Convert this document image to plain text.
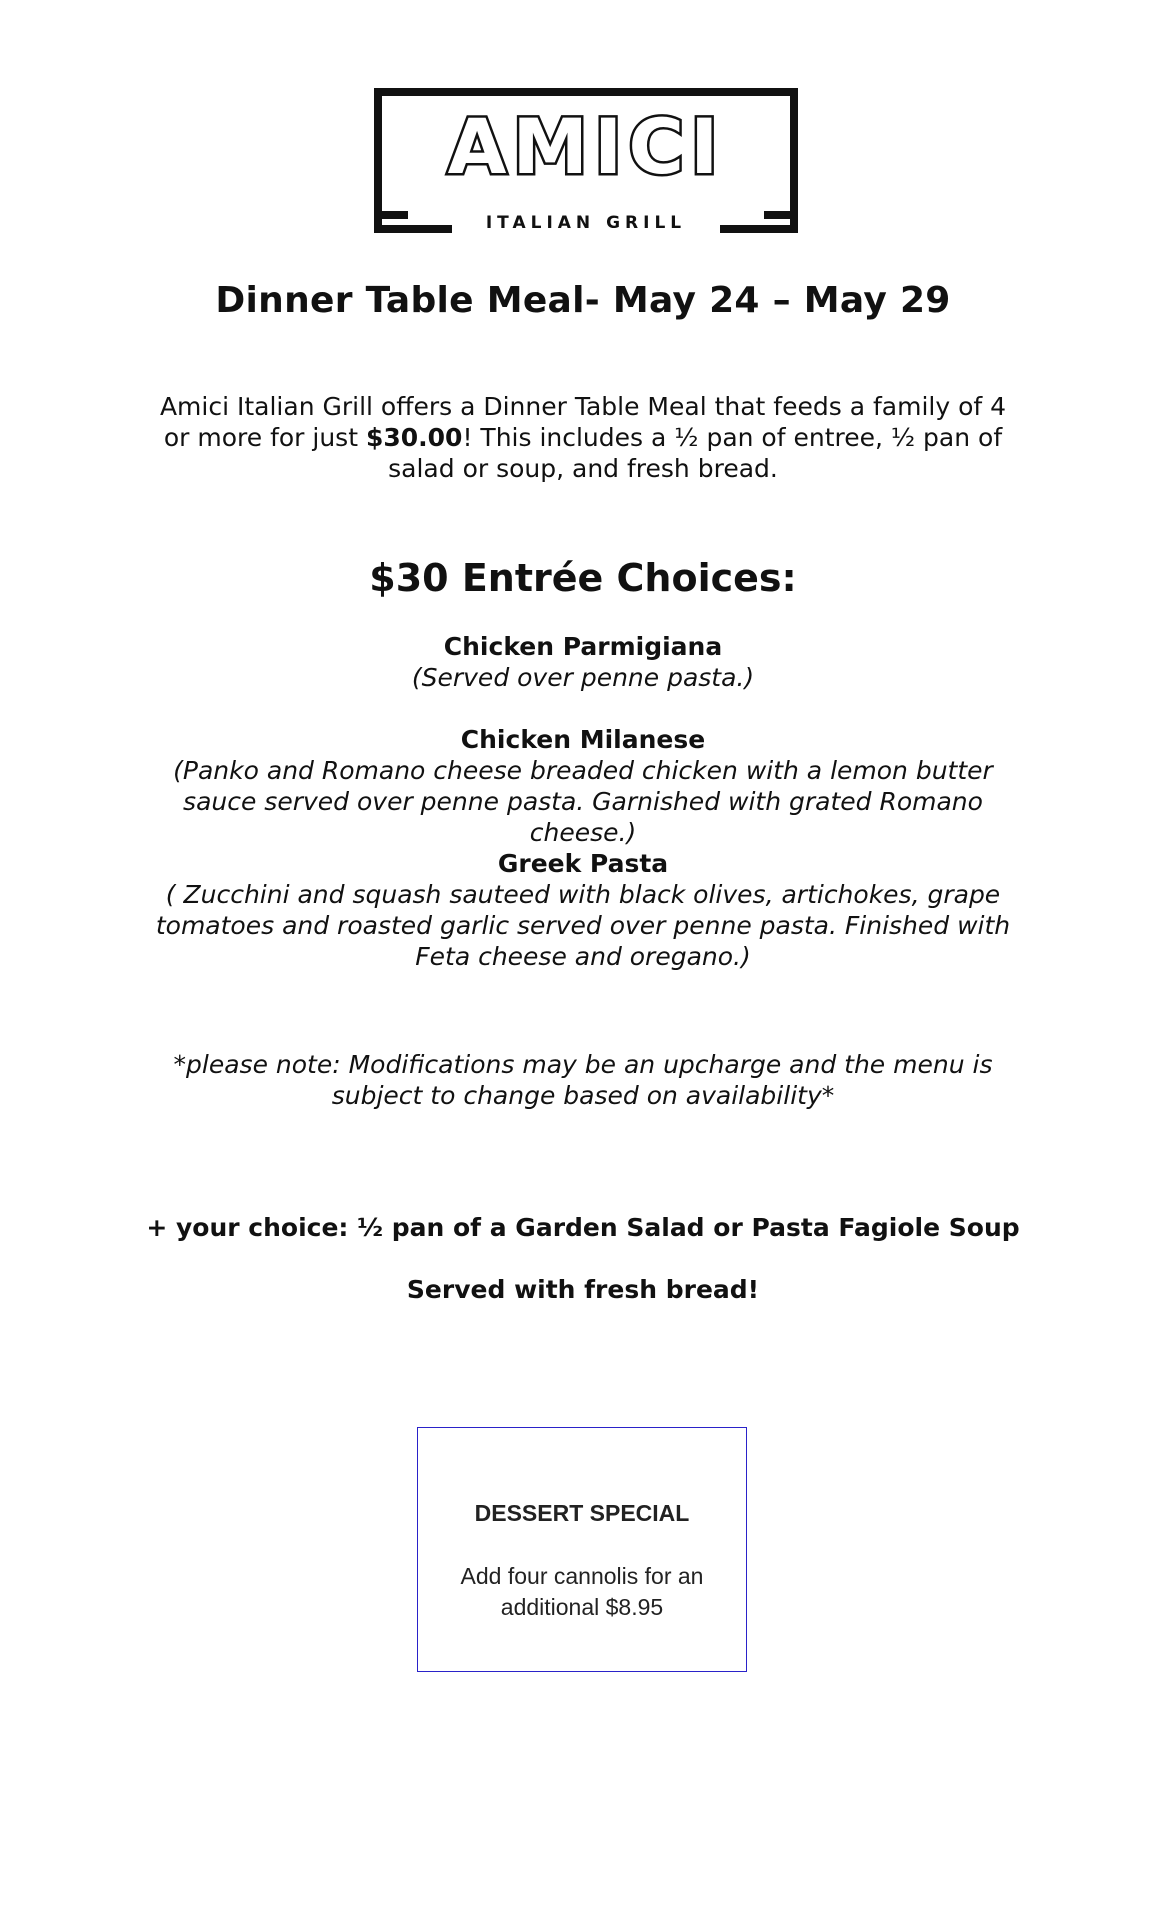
AMICI
ITALIAN GRILL
Dinner Table Meal- May 24 – May 29
Amici Italian Grill offers a Dinner Table Meal that feeds a family of 4 or more for just $30.00! This includes a ½ pan of entree, ½ pan of salad or soup, and fresh bread.
$30 Entrée Choices:
Chicken Parmigiana
(Served over penne pasta.)
Chicken Milanese
(Panko and Romano cheese breaded chicken with a lemon butter sauce served over penne pasta. Garnished with grated Romano cheese.)
Greek Pasta
( Zucchini and squash sauteed with black olives, artichokes, grape tomatoes and roasted garlic served over penne pasta. Finished with Feta cheese and oregano.)
*please note: Modifications may be an upcharge and the menu is subject to change based on availability*
+ your choice: ½ pan of a Garden Salad or Pasta Fagiole Soup
Served with fresh bread!
DESSERT SPECIAL
Add four cannolis for an additional $8.95
